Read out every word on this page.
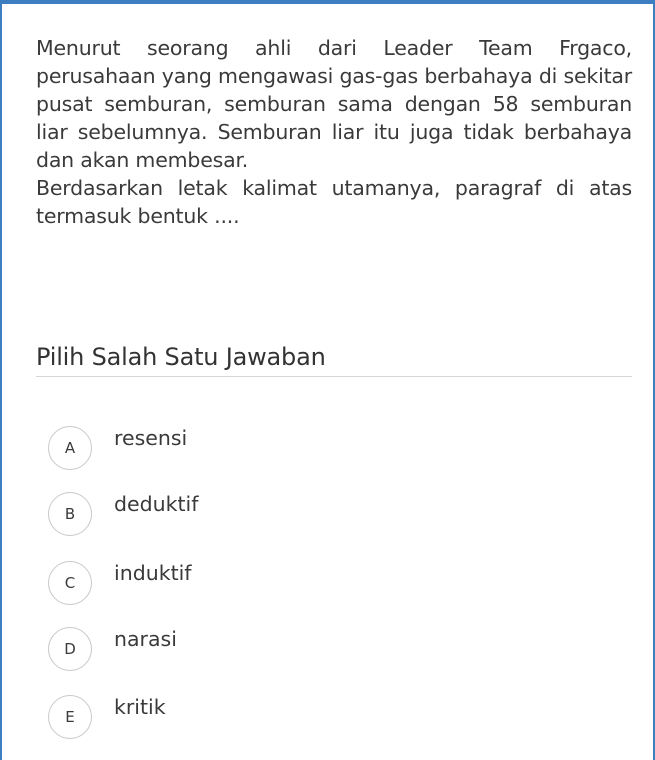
Menurut seorang ahli dari Leader Team Frgaco, perusahaan yang mengawasi gas-gas berbahaya di sekitar pusat semburan, semburan sama dengan 58 semburan liar sebelumnya. Semburan liar itu juga tidak berbahaya dan akan membesar.

Berdasarkan letak kalimat utamanya, paragraf di atas termasuk bentuk ....

Pilih Salah Satu Jawaban
A	resensi
B	deduktif
C	induktif
D	narasi
E	kritik
